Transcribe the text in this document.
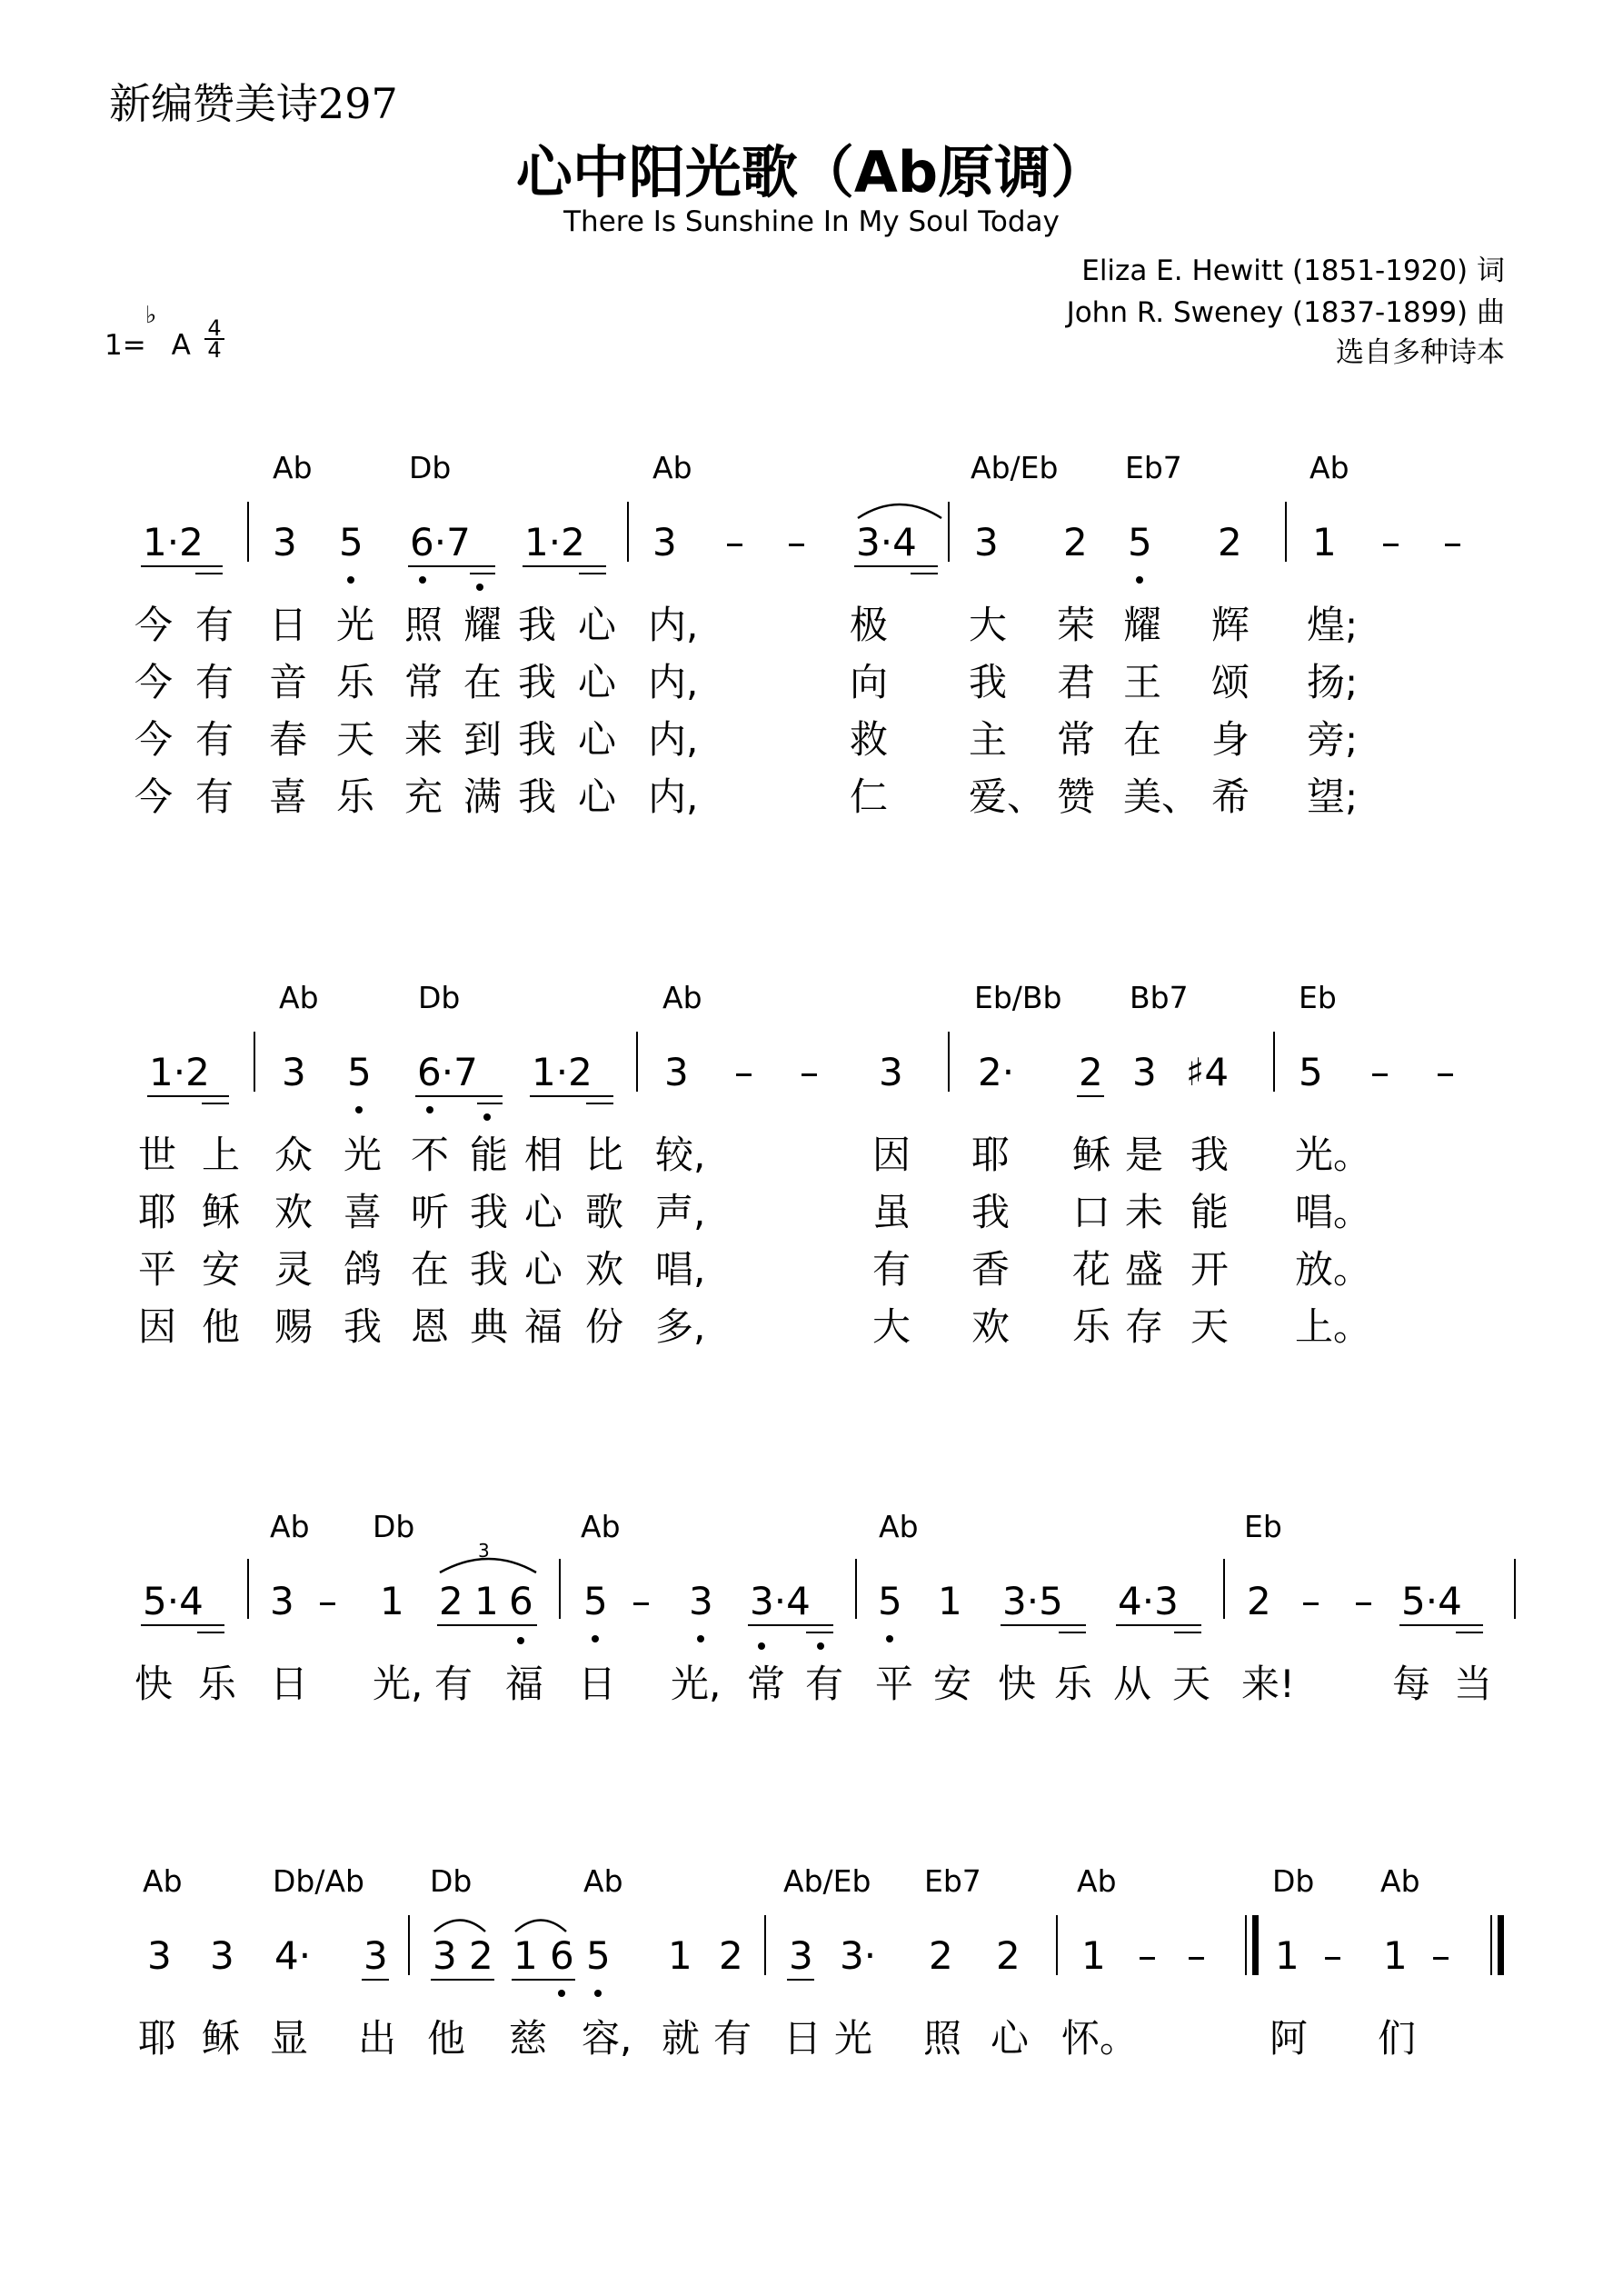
新编赞美诗297
心中阳光歌（Ab原调）
There Is Sunshine In My Soul Today
Eliza E. Hewitt (1851-1920) 词
John R. Sweney (1837-1899) 曲
选自多种诗本
1=
♭
A
4
4
Ab	Db	Ab	Ab/Eb Eb7	Ab
1·2 3 5 6·7 1·2 3 – – 3·4 3 2 5 2 1 – –
今 有 日 光 照 耀 我 心 内,	极 大 荣 耀 辉 煌;
今 有 音 乐 常 在 我 心 内,	向 我 君 王 颂 扬;
今 有 春 天 来 到 我 心 内,	救 主 常 在 身 旁;
今 有 喜 乐 充 满 我 心 内,	仁 爱、 赞 美、 希 望;
Ab	Db	Ab	Eb/Bb Bb7	Eb
1·2 3 5 6·7 1·2 3 – – 3 2· 2 3 ♯4 5 – –
世 上 众 光 不 能 相 比 较,	因 耶 稣 是 我 光。
耶 稣 欢 喜 听 我 心 歌 声,	虽 我 口 未 能 唱。
平 安 灵 鸽 在 我 心 欢 唱,	有 香 花 盛 开 放。
因 他 赐 我 恩 典 福 份 多,	大 欢 乐 存 天 上。
Ab Db	Ab	Ab	Eb
3
5·4 3 – 1 2 1 6 5 – 3 3·4 5 1 3·5 4·3 2 – – 5·4
快 乐 日 光, 有 福 日 光, 常 有 平 安 快 乐 从 天 来!	每 当
Ab	Db/Ab Db	Ab	Ab/Eb Eb7	Ab	Db Ab
3 3 4· 3 3 2 1 6 5 1 2 3 3· 2 2 1 – – 1 – 1 –
耶 稣 显 出 他 慈 容, 就 有 日 光 照 心 怀。	阿 们
